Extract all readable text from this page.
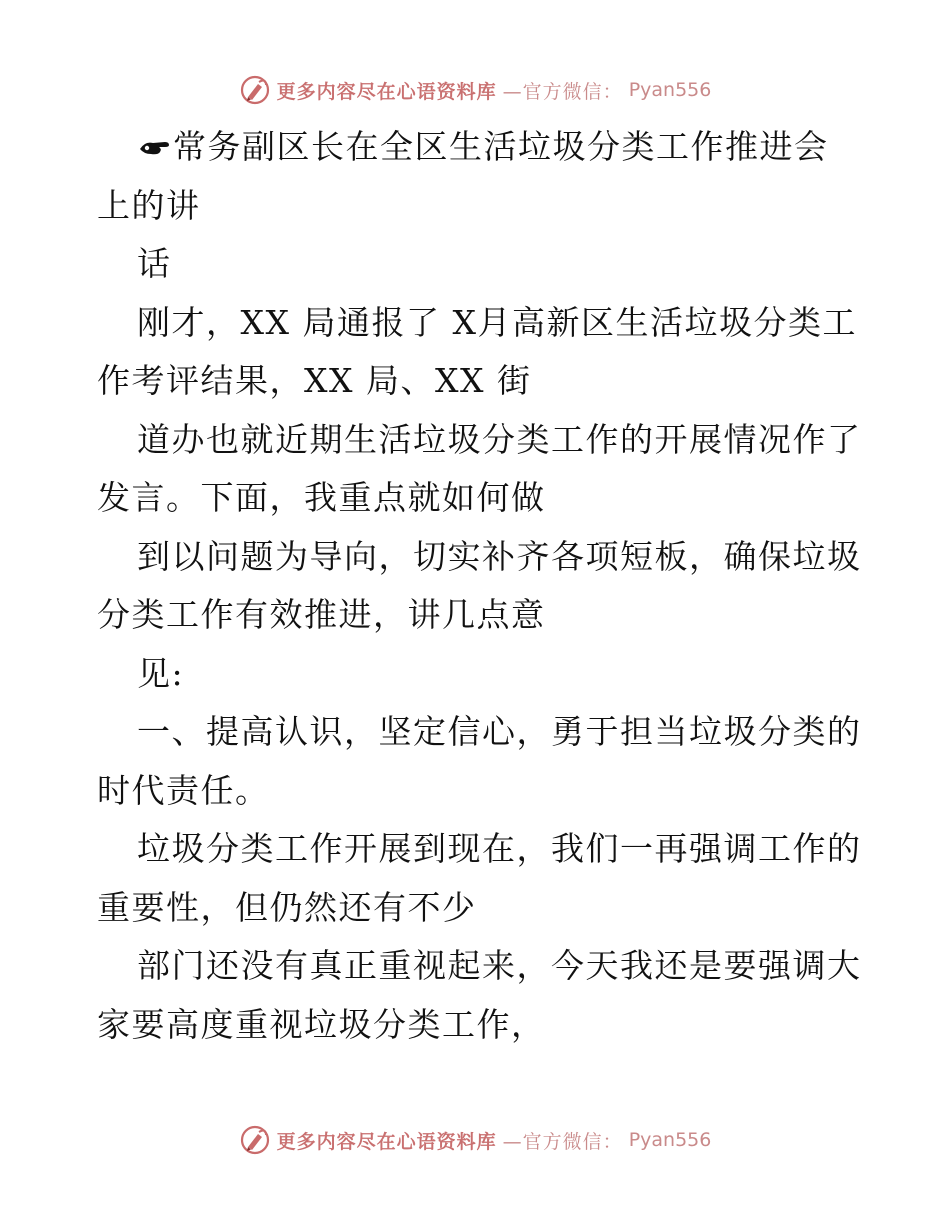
更多内容尽在心语资料库 —官方微信： Pyan556
常务副区长在全区生活垃圾分类工作推进会
上的讲
话
刚才，XX 局通报了 X月高新区生活垃圾分类工
作考评结果，XX 局、XX 街
道办也就近期生活垃圾分类工作的开展情况作了
发言。下面，我重点就如何做
到以问题为导向，切实补齐各项短板，确保垃圾
分类工作有效推进，讲几点意
见:
一、提高认识，坚定信心，勇于担当垃圾分类的
时代责任。
垃圾分类工作开展到现在，我们一再强调工作的
重要性，但仍然还有不少
部门还没有真正重视起来，今天我还是要强调大
家要高度重视垃圾分类工作，
更多内容尽在心语资料库 —官方微信： Pyan556
